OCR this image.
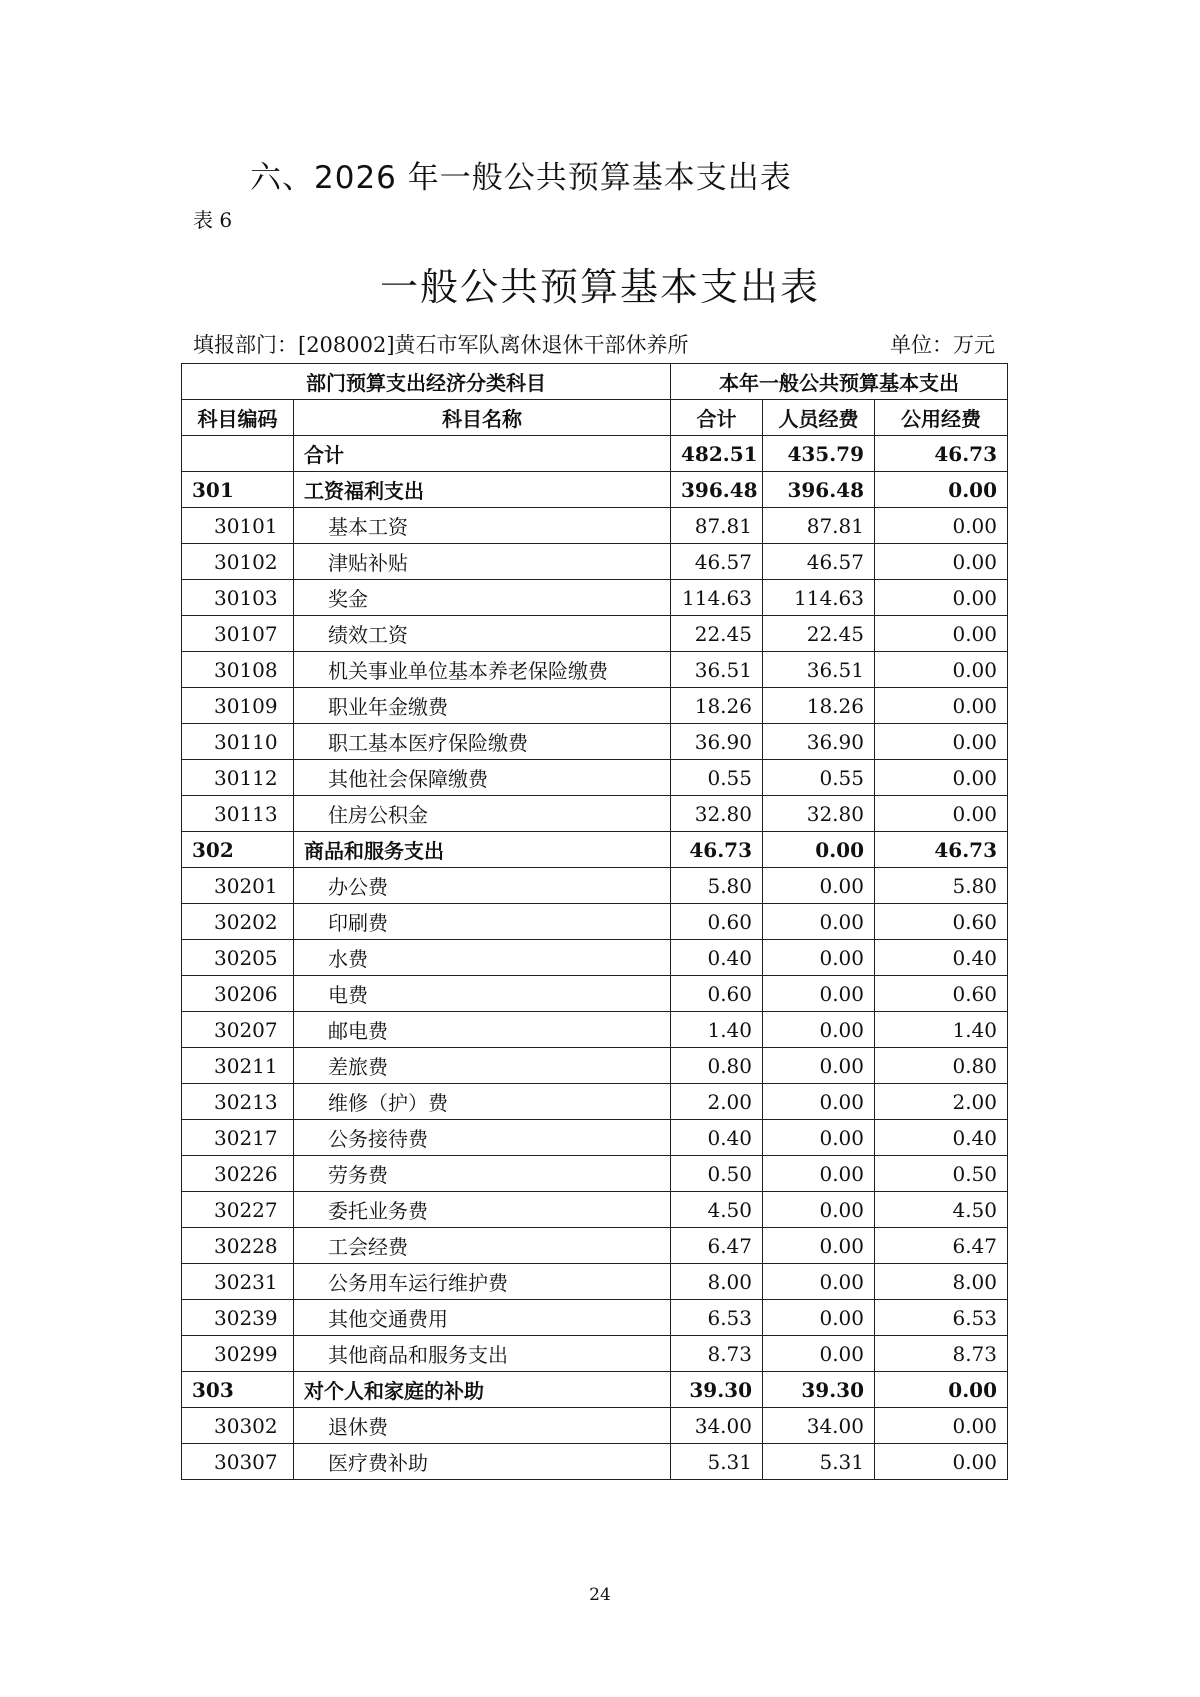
六、2026 年一般公共预算基本支出表
表 6
一般公共预算基本支出表
填报部门：[208002]黄石市军队离休退休干部休养所	单位：万元
部门预算支出经济分类科目		本年一般公共预算基本支出		
科目编码	科目名称	合计	人员经费	公用经费
	合计	482.51	435.79	46.73
301	工资福利支出	396.48	396.48	0.00
30101	基本工资	87.81	87.81	0.00
30102	津贴补贴	46.57	46.57	0.00
30103	奖金	114.63	114.63	0.00
30107	绩效工资	22.45	22.45	0.00
30108	机关事业单位基本养老保险缴费	36.51	36.51	0.00
30109	职业年金缴费	18.26	18.26	0.00
30110	职工基本医疗保险缴费	36.90	36.90	0.00
30112	其他社会保障缴费	0.55	0.55	0.00
30113	住房公积金	32.80	32.80	0.00
302	商品和服务支出	46.73	0.00	46.73
30201	办公费	5.80	0.00	5.80
30202	印刷费	0.60	0.00	0.60
30205	水费	0.40	0.00	0.40
30206	电费	0.60	0.00	0.60
30207	邮电费	1.40	0.00	1.40
30211	差旅费	0.80	0.00	0.80
30213	维修（护）费	2.00	0.00	2.00
30217	公务接待费	0.40	0.00	0.40
30226	劳务费	0.50	0.00	0.50
30227	委托业务费	4.50	0.00	4.50
30228	工会经费	6.47	0.00	6.47
30231	公务用车运行维护费	8.00	0.00	8.00
30239	其他交通费用	6.53	0.00	6.53
30299	其他商品和服务支出	8.73	0.00	8.73
303	对个人和家庭的补助	39.30	39.30	0.00
30302	退休费	34.00	34.00	0.00
30307	医疗费补助	5.31	5.31	0.00
24
